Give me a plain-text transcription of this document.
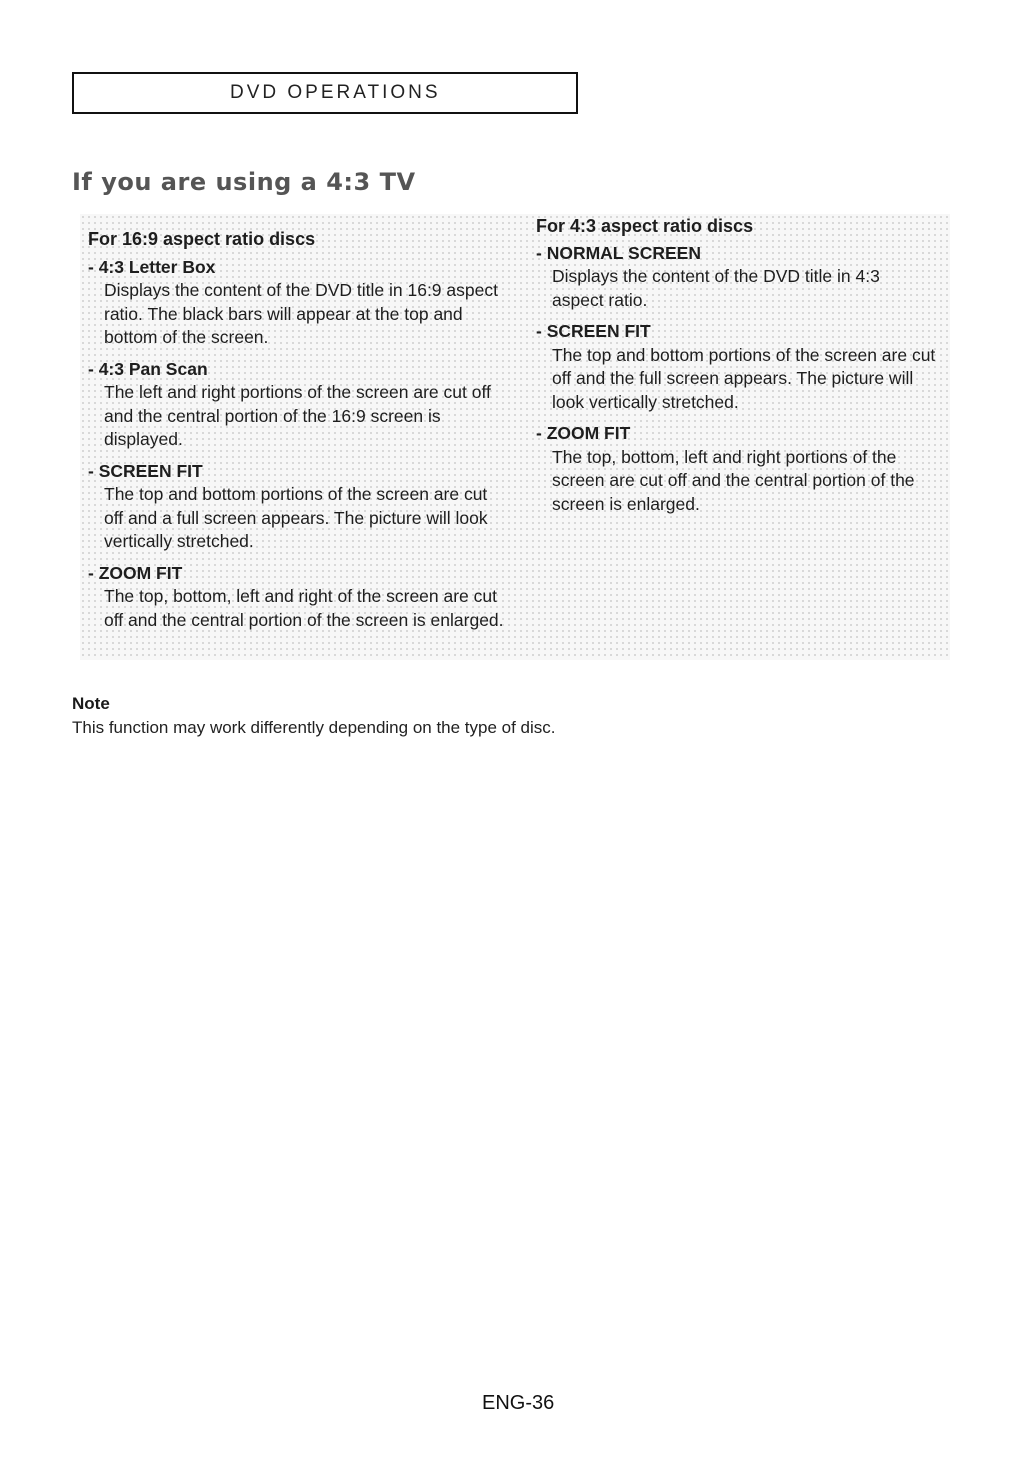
DVD OPERATIONS
If you are using a 4:3 TV
For 16:9 aspect ratio discs
- 4:3 Letter Box
Displays the content of the DVD title in 16:9 aspect ratio. The black bars will appear at the top and bottom of the screen.
- 4:3 Pan Scan
The left and right portions of the screen are cut off and the central portion of the 16:9 screen is displayed.
- SCREEN FIT
The top and bottom portions of the screen are cut off and a full screen appears. The picture will look vertically stretched.
- ZOOM FIT
The top, bottom, left and right of the screen are cut off and the central portion of the screen is enlarged.
For 4:3 aspect ratio discs
- NORMAL SCREEN
Displays the content of the DVD title in 4:3 aspect ratio.
- SCREEN FIT
The top and bottom portions of the screen are cut off and the full screen appears. The picture will look vertically stretched.
- ZOOM FIT
The top, bottom, left and right portions of the screen are cut off and the central portion of the screen is enlarged.
Note
This function may work differently depending on the type of disc.
ENG-36
